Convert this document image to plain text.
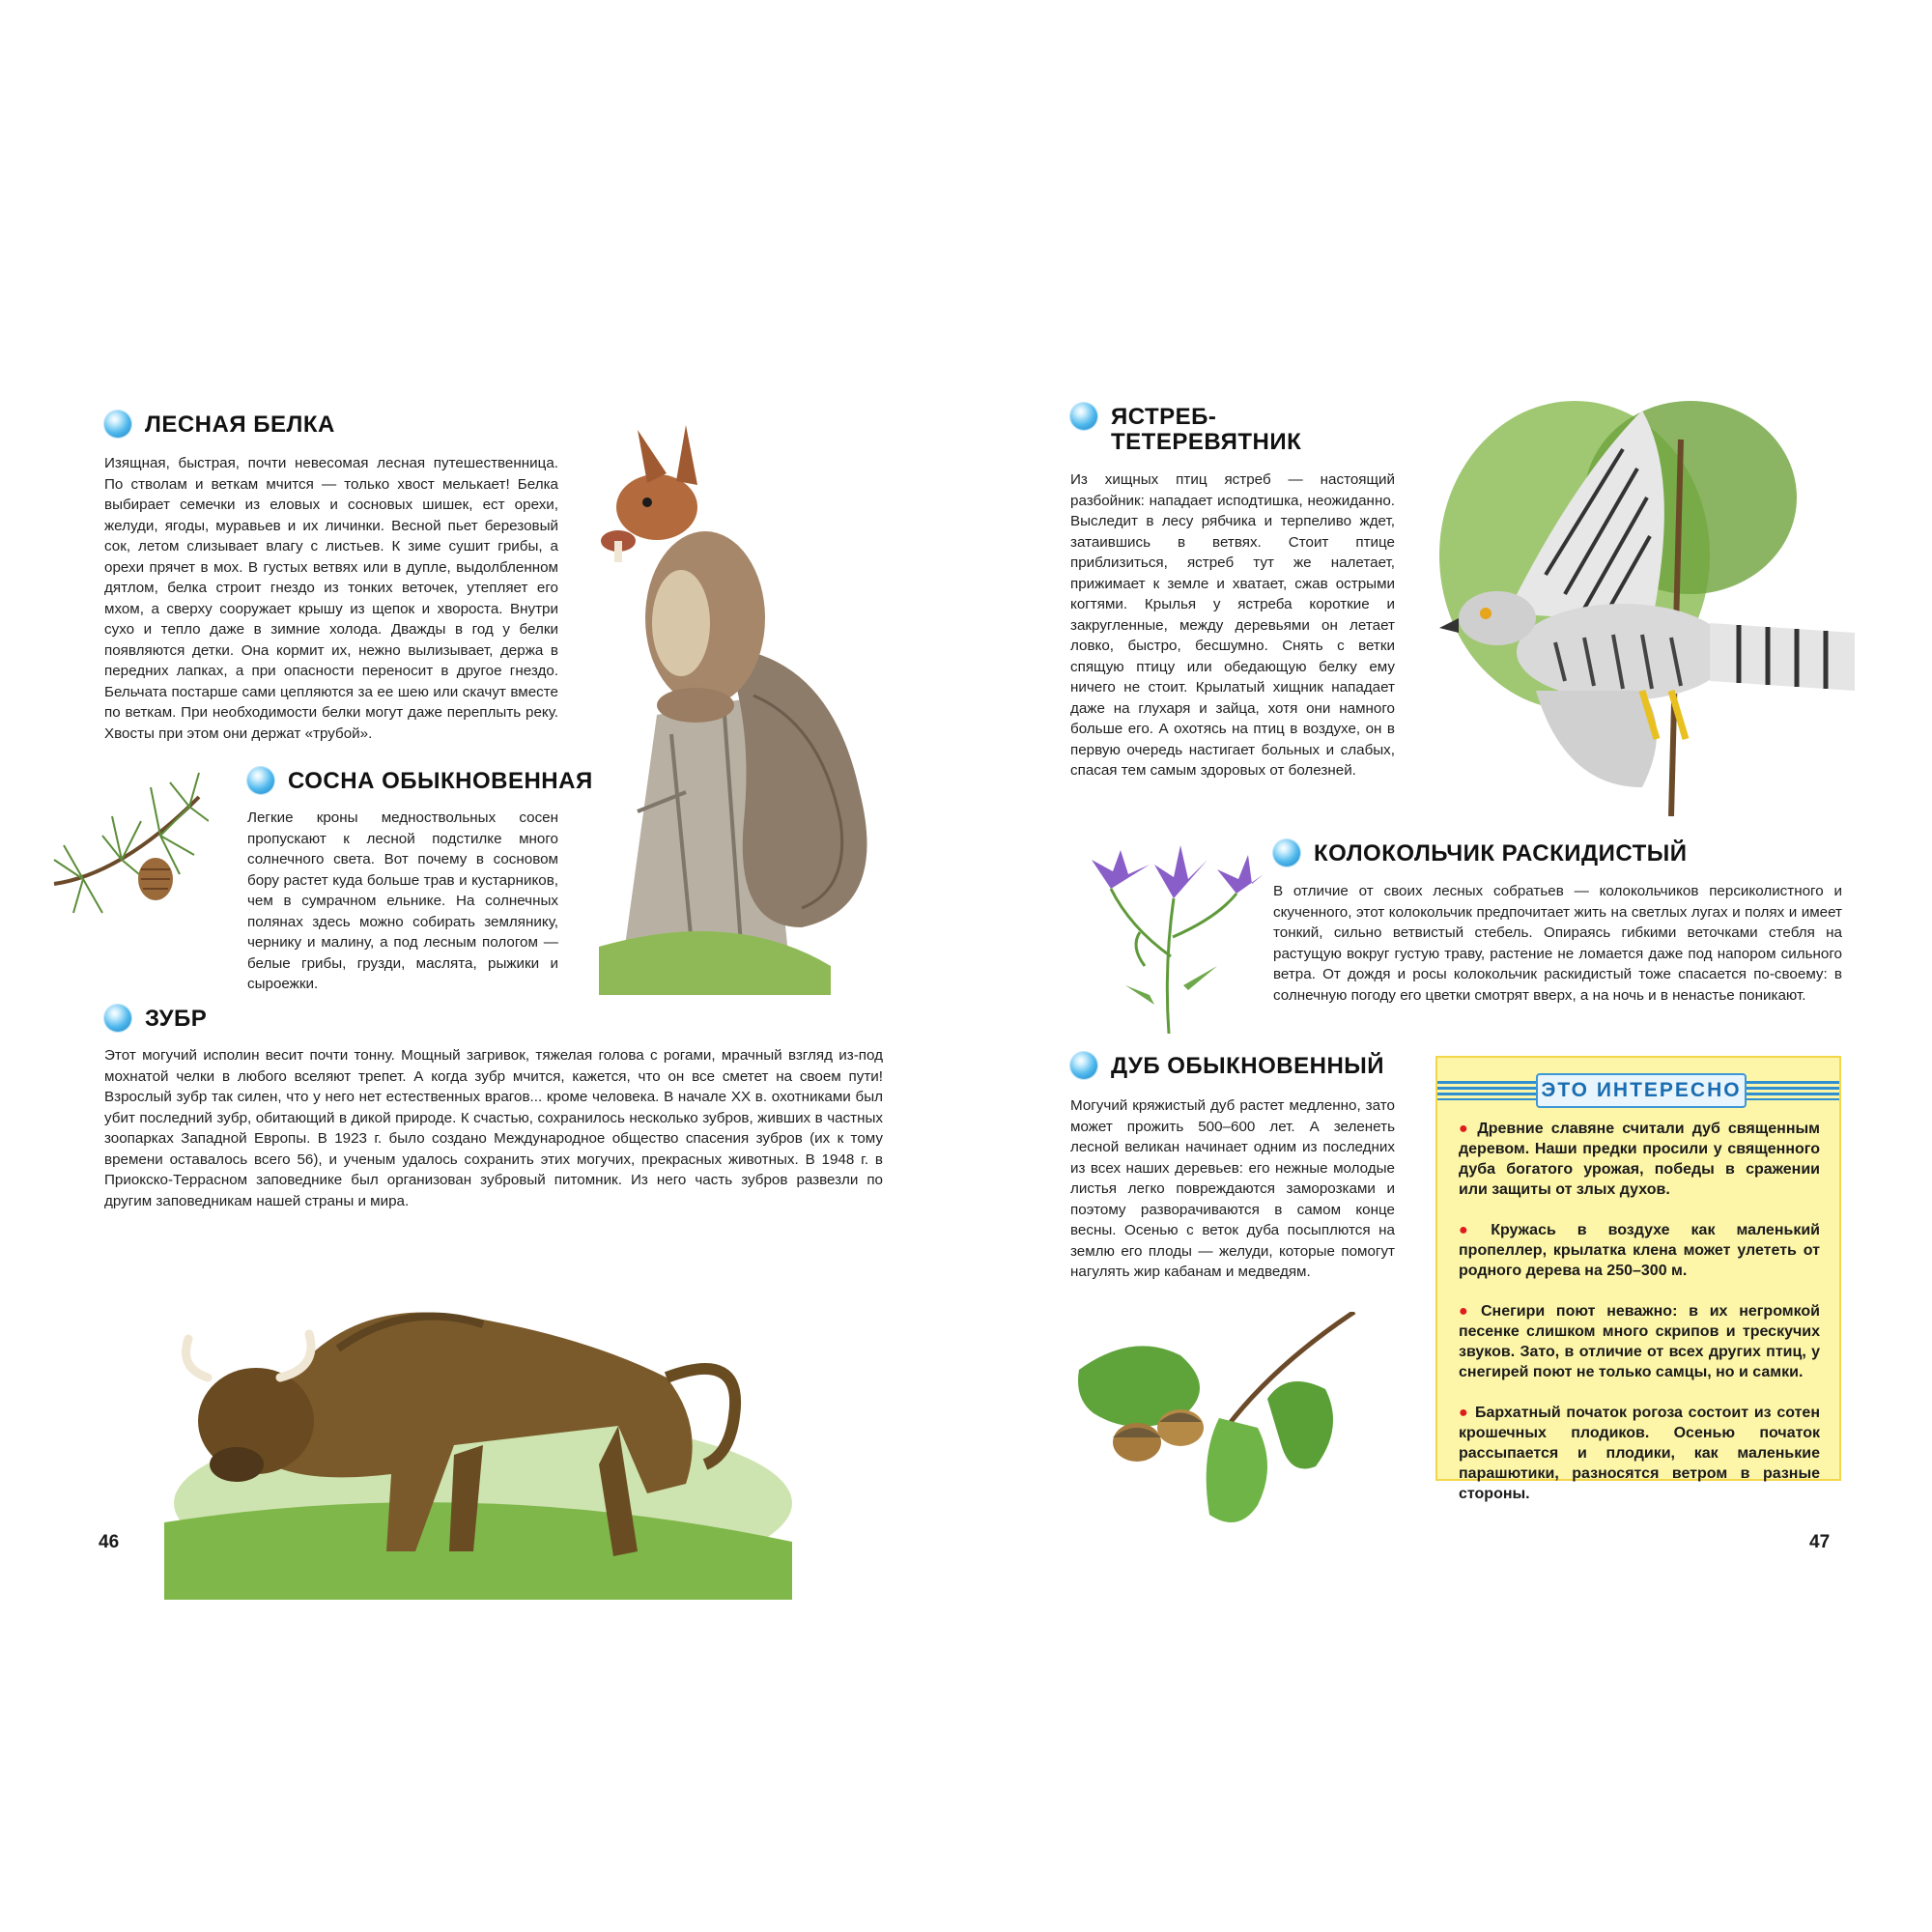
ЛЕСНАЯ БЕЛКА
Изящная, быстрая, почти невесомая лесная путешественница. По стволам и веткам мчится — только хвост мелькает! Белка выбирает семечки из еловых и сосновых шишек, ест орехи, желуди, ягоды, муравьев и их личинки. Весной пьет березовый сок, летом слизывает влагу с листьев. К зиме сушит грибы, а орехи прячет в мох. В густых ветвях или в дупле, выдолбленном дятлом, белка строит гнездо из тонких веточек, утепляет его мхом, а сверху сооружает крышу из щепок и хвороста. Внутри сухо и тепло даже в зимние холода. Дважды в год у белки появляются детки. Она кормит их, нежно вылизывает, держа в передних лапках, а при опасности переносит в другое гнездо. Бельчата постарше сами цепляются за ее шею или скачут вместе по веткам. При необходимости белки могут даже переплыть реку. Хвосты при этом они держат «трубой».
СОСНА ОБЫКНОВЕННАЯ
Легкие кроны медноствольных сосен пропускают к лесной подстилке много солнечного света. Вот почему в сосновом бору растет куда больше трав и кустарников, чем в сумрачном ельнике. На солнечных полянах здесь можно собирать землянику, чернику и малину, а под лесным пологом — белые грибы, грузди, маслята, рыжики и сыроежки.
ЗУБР
Этот могучий исполин весит почти тонну. Мощный загривок, тяжелая голова с рогами, мрачный взгляд из-под мохнатой челки в любого вселяют трепет. А когда зубр мчится, кажется, что он все сметет на своем пути! Взрослый зубр так силен, что у него нет естественных врагов... кроме человека. В начале XX в. охотниками был убит последний зубр, обитающий в дикой природе. К счастью, сохранилось несколько зубров, живших в частных зоопарках Западной Европы. В 1923 г. было создано Международное общество спасения зубров (их к тому времени оставалось всего 56), и ученым удалось сохранить этих могучих, прекрасных животных. В 1948 г. в Приокско-Террасном заповеднике был организован зубровый питомник. Из него часть зубров развезли по другим заповедникам нашей страны и мира.
46
ЯСТРЕБ-
ТЕТЕРЕВЯТНИК
Из хищных птиц ястреб — настоящий разбойник: нападает исподтишка, неожиданно. Выследит в лесу рябчика и терпеливо ждет, затаившись в ветвях. Стоит птице приблизиться, ястреб тут же налетает, прижимает к земле и хватает, сжав острыми когтями. Крылья у ястреба короткие и закругленные, между деревьями он летает ловко, быстро, бесшумно. Снять с ветки спящую птицу или обедающую белку ему ничего не стоит. Крылатый хищник нападает даже на глухаря и зайца, хотя они намного больше его. А охотясь на птиц в воздухе, он в первую очередь настигает больных и слабых, спасая тем самым здоровых от болезней.
КОЛОКОЛЬЧИК РАСКИДИСТЫЙ
В отличие от своих лесных собратьев — колокольчиков персиколистного и скученного, этот колокольчик предпочитает жить на светлых лугах и полях и имеет тонкий, сильно ветвистый стебель. Опираясь гибкими веточками стебля на растущую вокруг густую траву, растение не ломается даже под напором сильного ветра. От дождя и росы колокольчик раскидистый тоже спасается по-своему: в солнечную погоду его цветки смотрят вверх, а на ночь и в ненастье поникают.
ДУБ ОБЫКНОВЕННЫЙ
Могучий кряжистый дуб растет медленно, зато может прожить 500–600 лет. А зеленеть лесной великан начинает одним из последних из всех наших деревьев: его нежные молодые листья легко повреждаются заморозками и поэтому разворачиваются в самом конце весны. Осенью с веток дуба посыплются на землю его плоды — желуди, которые помогут нагулять жир кабанам и медведям.
ЭТО ИНТЕРЕСНО
● Древние славяне считали дуб священным деревом. Наши предки просили у священного дуба богатого урожая, победы в сражении или защиты от злых духов.
● Кружась в воздухе как маленький пропеллер, крылатка клена может улететь от родного дерева на 250–300 м.
● Снегири поют неважно: в их негромкой песенке слишком много скрипов и трескучих звуков. Зато, в отличие от всех других птиц, у снегирей поют не только самцы, но и самки.
● Бархатный початок рогоза состоит из сотен крошечных плодиков. Осенью початок рассыпается и плодики, как маленькие парашютики, разносятся ветром в разные стороны.
47
